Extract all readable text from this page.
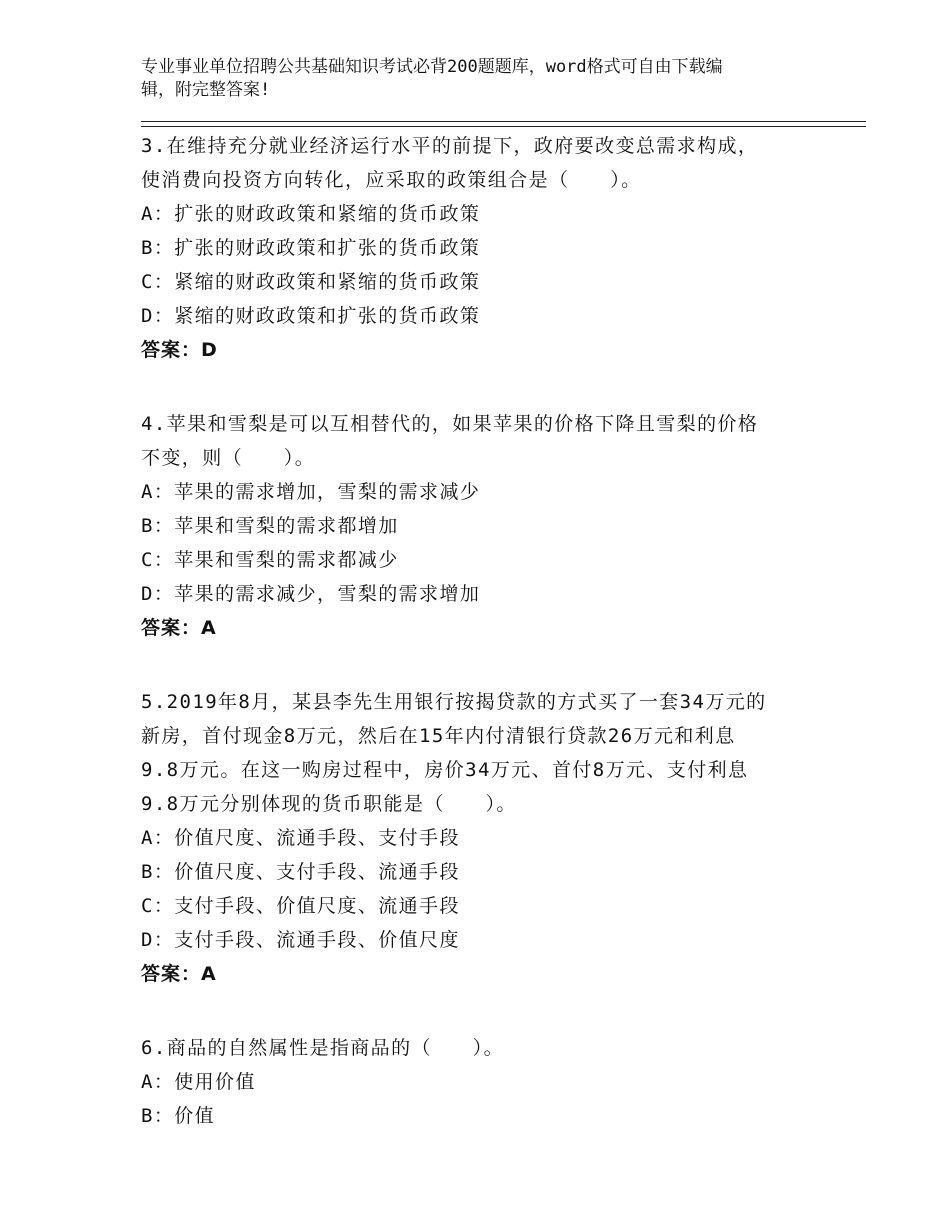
专业事业单位招聘公共基础知识考试必背200题题库，word格式可自由下载编
辑，附完整答案!
3.在维持充分就业经济运行水平的前提下，政府要改变总需求构成，
使消费向投资方向转化，应采取的政策组合是（　　）。
A：扩张的财政政策和紧缩的货币政策
B：扩张的财政政策和扩张的货币政策
C：紧缩的财政政策和紧缩的货币政策
D：紧缩的财政政策和扩张的货币政策
答案：D
4.苹果和雪梨是可以互相替代的，如果苹果的价格下降且雪梨的价格
不变，则（　　）。
A：苹果的需求增加，雪梨的需求减少
B：苹果和雪梨的需求都增加
C：苹果和雪梨的需求都减少
D：苹果的需求减少，雪梨的需求增加
答案：A
5.2019年8月，某县李先生用银行按揭贷款的方式买了一套34万元的
新房，首付现金8万元，然后在15年内付清银行贷款26万元和利息
9.8万元。在这一购房过程中，房价34万元、首付8万元、支付利息
9.8万元分别体现的货币职能是（　　）。
A：价值尺度、流通手段、支付手段
B：价值尺度、支付手段、流通手段
C：支付手段、价值尺度、流通手段
D：支付手段、流通手段、价值尺度
答案：A
6.商品的自然属性是指商品的（　　）。
A：使用价值
B：价值
